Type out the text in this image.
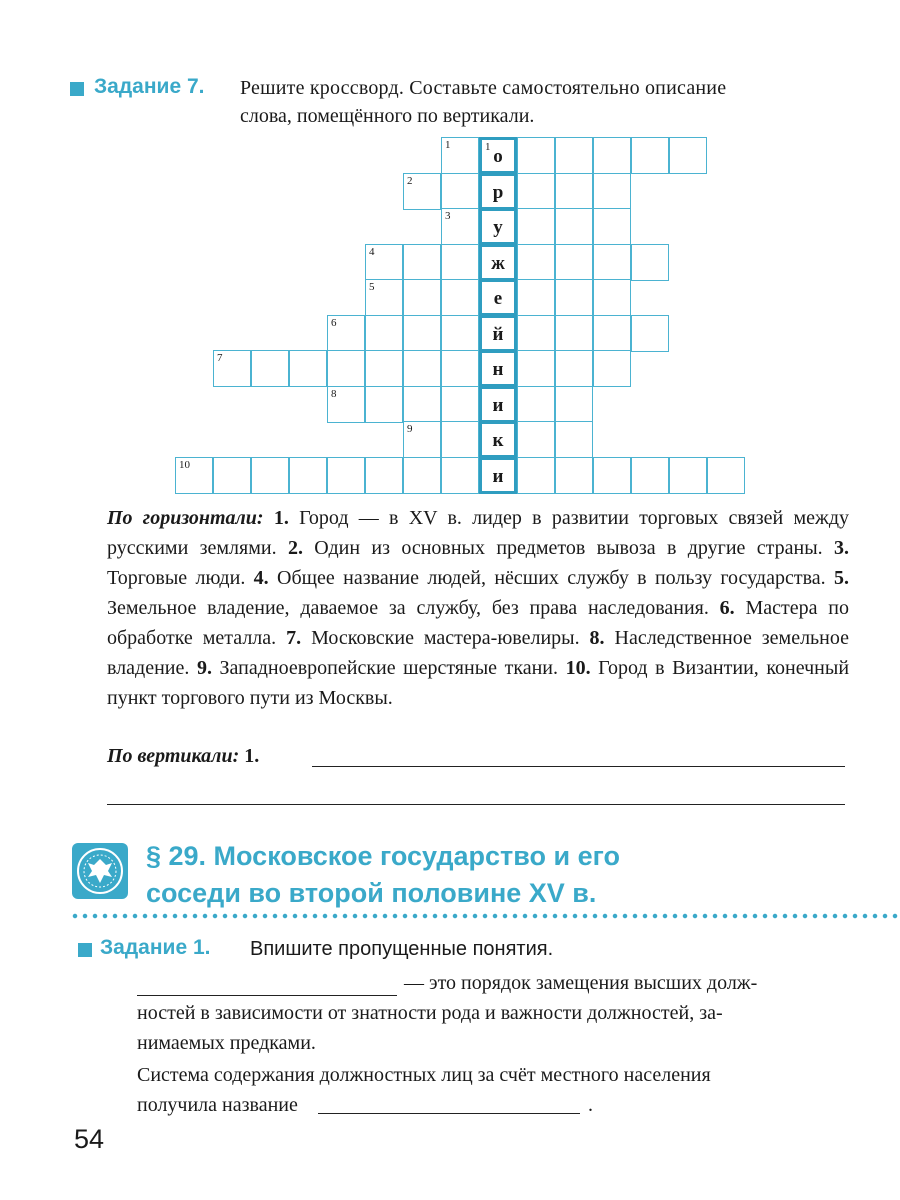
Задание 7. Решите кроссворд. Составьте самостоятельно описание
слова, помещённого по вертикали.
1
о
1
2
р
3
у
4
ж
5
е
6
й
7
н
8
и
9
к
10
и
По горизонтали: 1. Город — в XV в. лидер в развитии торговых связей между русскими землями. 2. Один из основных предметов вывоза в другие страны. 3. Торговые люди. 4. Общее название людей, нёсших службу в пользу государства. 5. Земельное владение, даваемое за службу, без права наследования. 6. Мастера по обработке металла. 7. Московские мастера-ювелиры. 8. Наследственное земельное владение. 9. Западноевропейские шерстяные ткани. 10. Город в Византии, конечный пункт торгового пути из Москвы.
По вертикали: 1.
§ 29. Московское государство и его
соседи во второй половине XV в.
Задание 1. Впишите пропущенные понятия.
— это порядок замещения высших долж-
ностей в зависимости от знатности рода и важности должностей, за-
нимаемых предками.
Система содержания должностных лиц за счёт местного населения
получила название	.
54
